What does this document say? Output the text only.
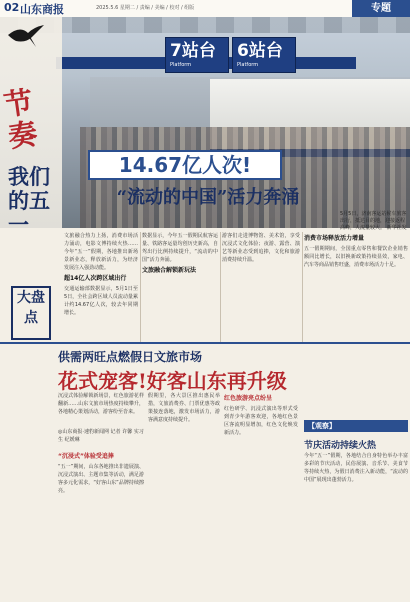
02 山东商报	2025.5.6 星期二 / 责编 / 美编 / 校对 / 组版	专题
7站台
Platform
6站台
Platform
节奏
我们的五一
大盘点
14.67亿人次!
“流动的中国”活力奔涌
5月5日，济南客运站候车旅客出行，抵达目的地，迎接返程高峰，人流量较大。 新华社发
文旅融合热力上扬，消费市场活力涌动，电影文博持续火热……今年“五一”假期，各地推出新场景新业态，释放新活力，为经济发展注入强劲动能。
超14亿人次跨区域出行
交通运输部数据显示，5月1日至5日，全社会跨区域人员流动量累计约14.67亿人次，较去年同期增长。
数据显示，今年五一假期民航客运量、铁路客运量均创历史新高，自驾出行比例持续提升，“流动的中国”活力奔涌。
文旅融合解锁新玩法
游客们走进博物馆、美术馆，享受沉浸式文化体验；夜游、露营、演艺等新业态受到追捧，文化和旅游消费持续升温。
消费市场释放活力增量
五一假期期间，全国重点零售和餐饮企业销售额同比增长，以旧换新政策持续显效，家电、汽车等商品销售旺盛，消费市场活力十足。
供需两旺点燃假日文旅市场
花式宠客!好客山东再升级
沉浸式体验解锁新场景，红色旅游花样翻新……山东文旅市场热度持续攀升，各地精心策划活动，游客纷至沓来。
◎山东商报·速豹新闻网 记者 许馨 实习生 纪媛琳
“沉浸式”体验受追捧
“五一”期间，山东各地推出非遗展演、沉浸式演出、主题市集等活动，满足游客多元化需求，“好客山东”品牌持续擦亮。
假期里，各大景区推出惠民举措，文旅消费券、门票优惠等政策接连落地，激发市场活力，游客满意度持续提升。
红色旅游亮点纷呈
红色研学、沉浸式演出等形式受到青少年游客欢迎，各地红色景区客流明显增加，红色文化焕发新活力。
【观察】
节庆活动持续火热
今年“五一”假期，各地结合自身特色举办丰富多彩的节庆活动，民俗展演、音乐节、美食节等持续火热，为假日消费注入新动能，“流动的中国”展现出蓬勃活力。
